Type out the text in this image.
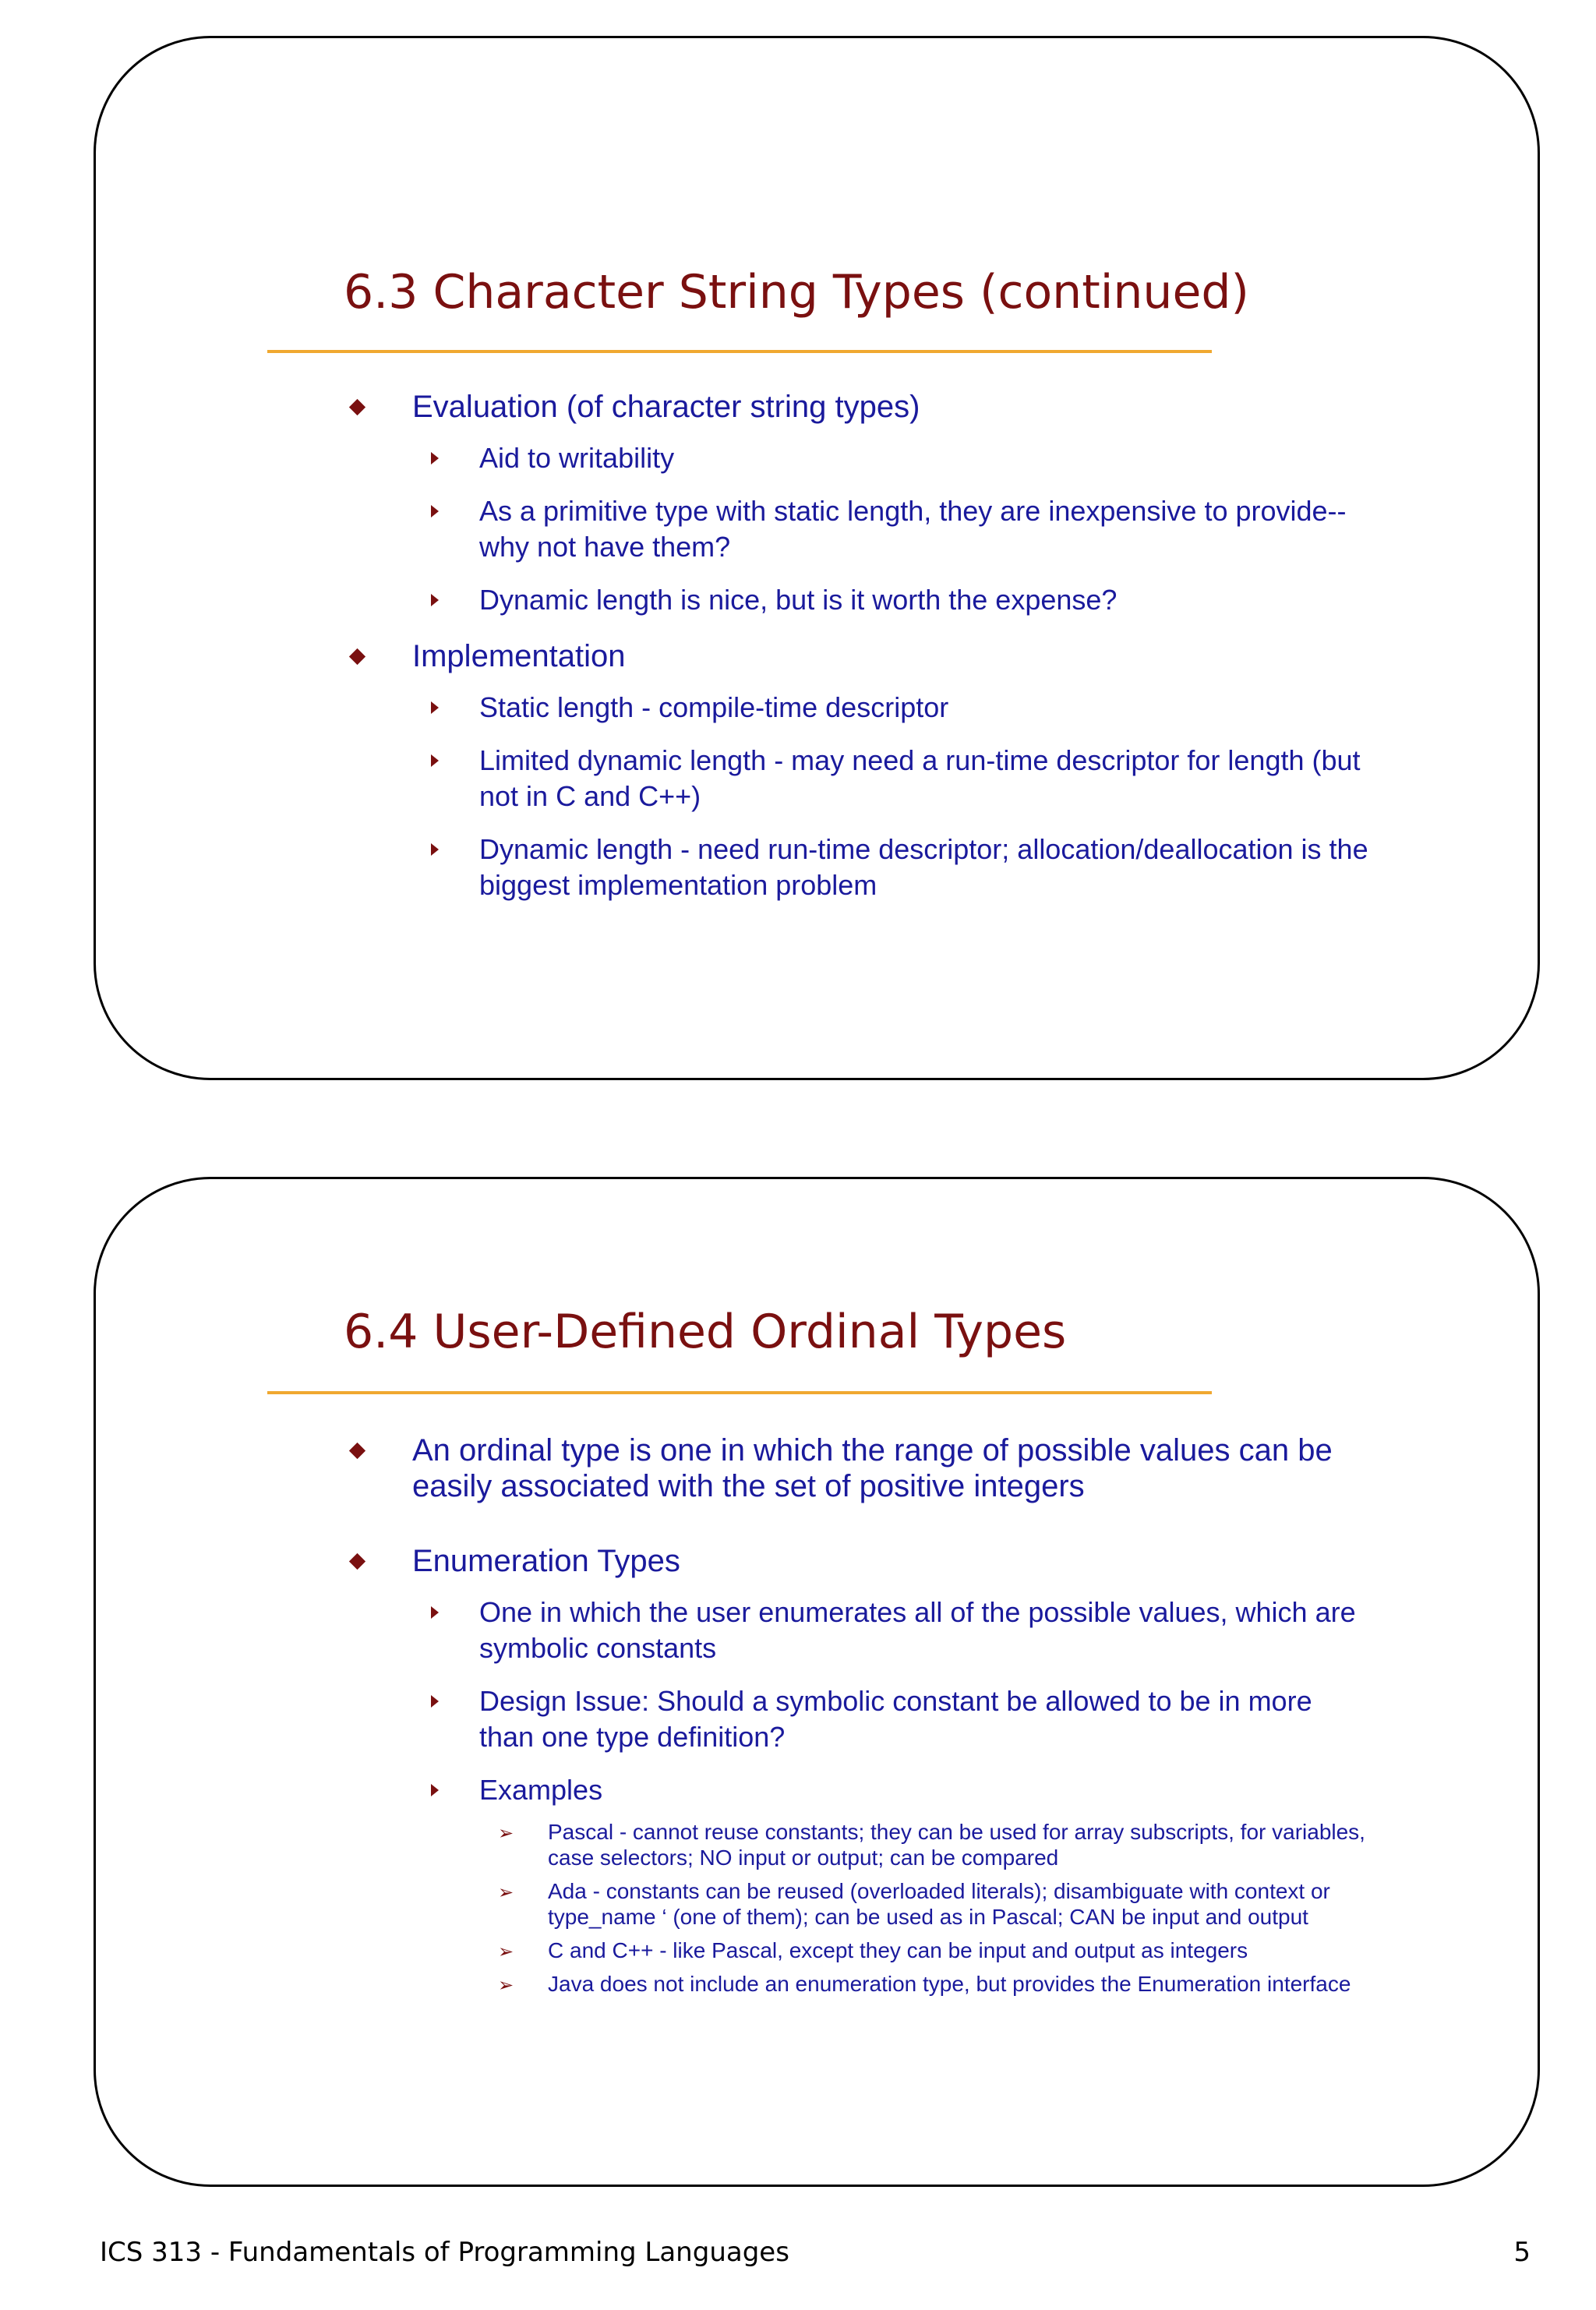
6.3 Character String Types (continued)
Evaluation (of character string types)
Aid to writability
As a primitive type with static length, they are inexpensive to provide--why not have them?
Dynamic length is nice, but is it worth the expense?
Implementation
Static length - compile-time descriptor
Limited dynamic length - may need a run-time descriptor for length (but not in C and C++)
Dynamic length - need run-time descriptor; allocation/deallocation is the biggest implementation problem
6.4 User-Defined Ordinal Types
An ordinal type is one in which the range of possible values can be easily associated with the set of positive integers
Enumeration Types
One in which the user enumerates all of the possible values, which are symbolic constants
Design Issue: Should a symbolic constant be allowed to be in more than one type definition?
Examples
➢ Pascal - cannot reuse constants; they can be used for array subscripts, for variables, case selectors; NO input or output; can be compared
➢ Ada - constants can be reused (overloaded literals); disambiguate with context or type_name ‘ (one of them); can be used as in Pascal; CAN be input and output
➢ C and C++ - like Pascal, except they can be input and output as integers
➢ Java does not include an enumeration type, but provides the Enumeration interface
ICS 313 - Fundamentals of Programming Languages	5
